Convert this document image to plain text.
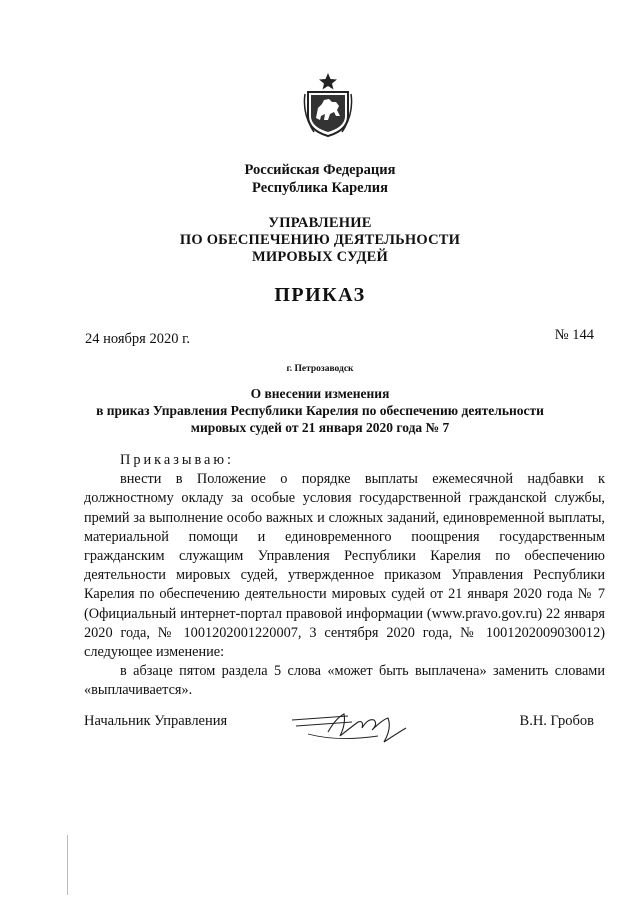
Российская Федерация
Республика Карелия
УПРАВЛЕНИЕ
ПО ОБЕСПЕЧЕНИЮ ДЕЯТЕЛЬНОСТИ
МИРОВЫХ СУДЕЙ
ПРИКАЗ
24 ноября 2020 г.	№ 144
г. Петрозаводск
О внесении изменения
в приказ Управления Республики Карелия по обеспечению деятельности
мировых судей от 21 января 2020 года № 7
Приказываю:

внести в Положение о порядке выплаты ежемесячной надбавки к должностному окладу за особые условия государственной гражданской службы, премий за выполнение особо важных и сложных заданий, единовременной выплаты, материальной помощи и единовременного поощрения государственным гражданским служащим Управления Республики Карелия по обеспечению деятельности мировых судей, утвержденное приказом Управления Республики Карелия по обеспечению деятельности мировых судей от 21 января 2020 года № 7 (Официальный интернет-портал правовой информации (www.pravo.gov.ru) 22 января 2020 года, № 1001202001220007, 3 сентября 2020 года, № 1001202009030012) следующее изменение:

в абзаце пятом раздела 5 слова «может быть выплачена» заменить словами «выплачивается».

Начальник Управления	В.Н. Гробов
